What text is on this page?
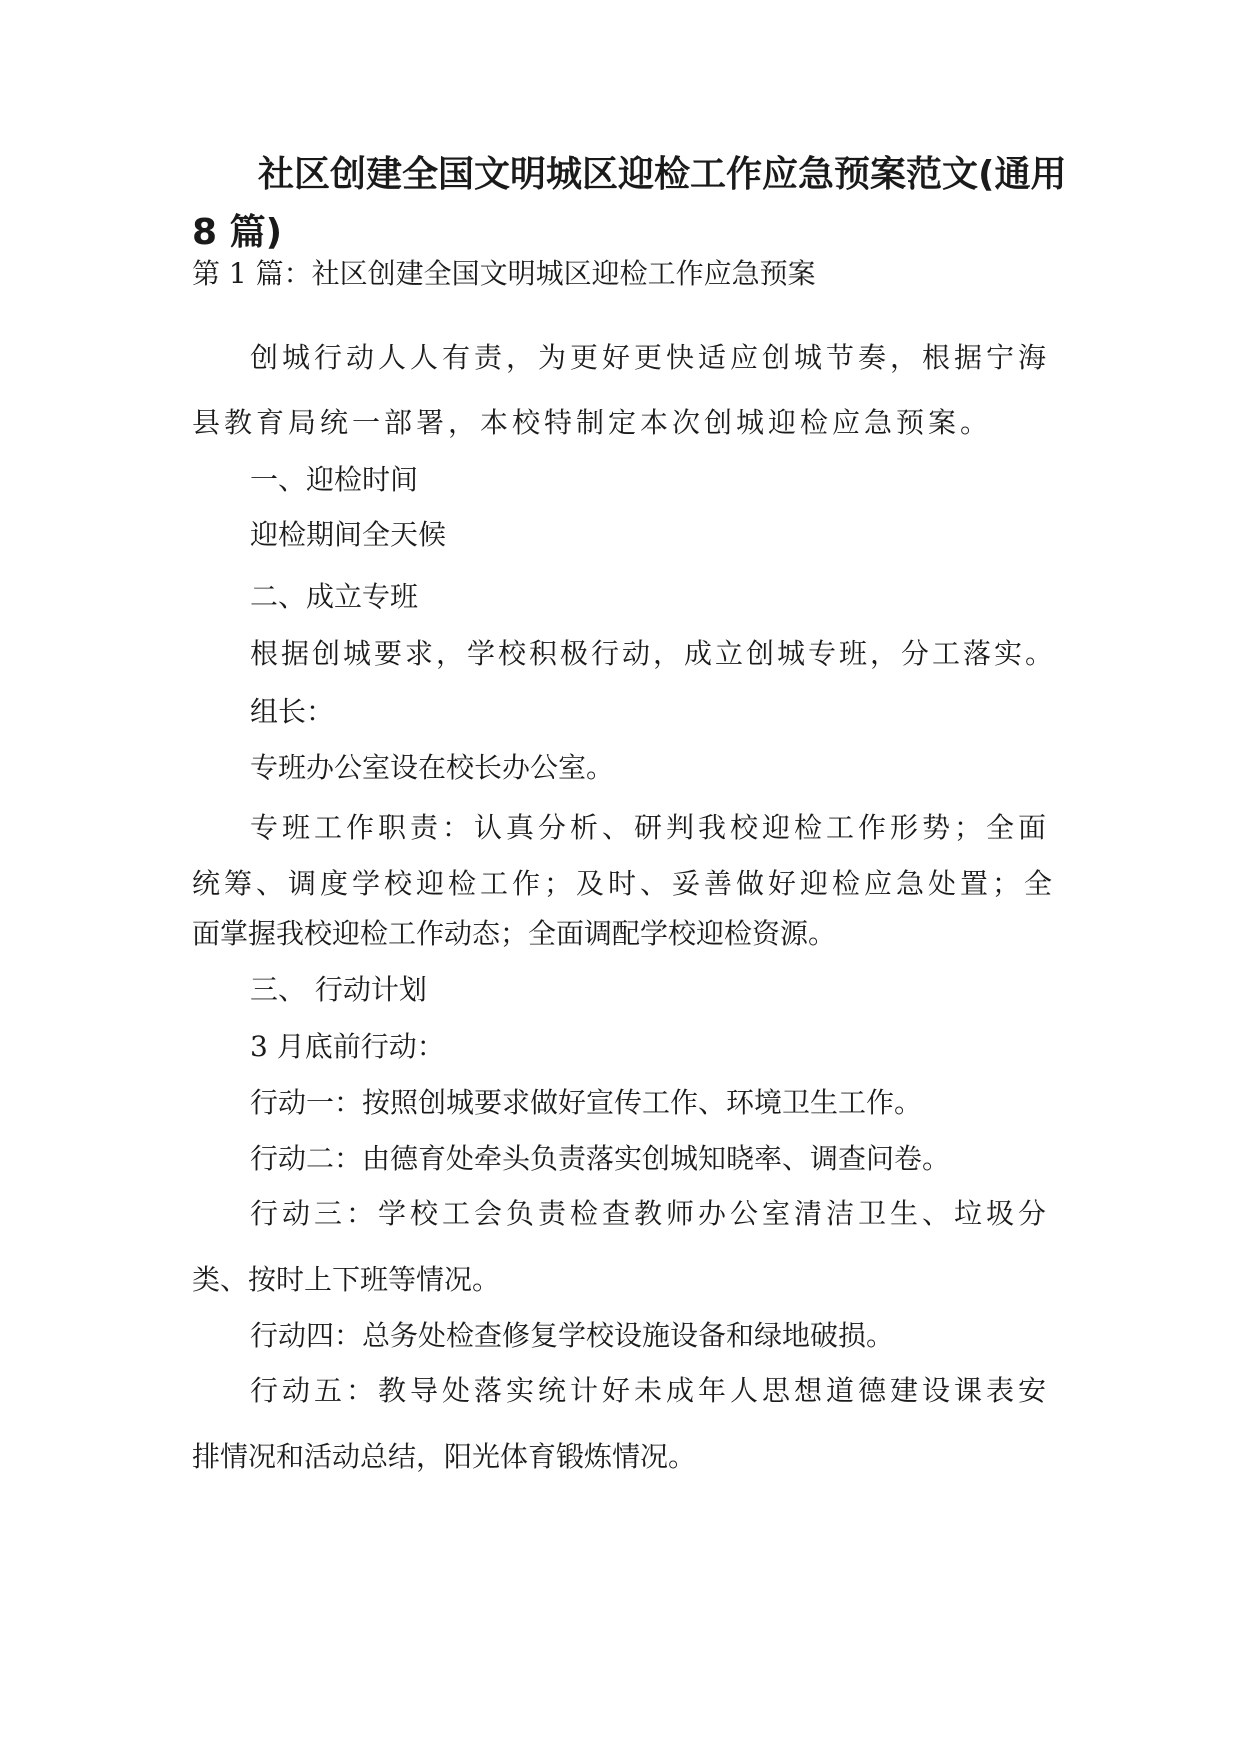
社区创建全国文明城区迎检工作应急预案范文(通用 8 篇)

第 1 篇：社区创建全国文明城区迎检工作应急预案

创城行动人人有责，为更好更快适应创城节奏，根据宁海

县教育局统一部署，本校特制定本次创城迎检应急预案。

一、迎检时间

迎检期间全天候

二、成立专班

根据创城要求，学校积极行动，成立创城专班，分工落实。

组长：

专班办公室设在校长办公室。

专班工作职责：认真分析、研判我校迎检工作形势；全面

统筹、调度学校迎检工作；及时、妥善做好迎检应急处置；全

面掌握我校迎检工作动态；全面调配学校迎检资源。

三、 行动计划

3 月底前行动：

行动一：按照创城要求做好宣传工作、环境卫生工作。

行动二：由德育处牵头负责落实创城知晓率、调查问卷。

行动三：学校工会负责检查教师办公室清洁卫生、垃圾分

类、按时上下班等情况。

行动四：总务处检查修复学校设施设备和绿地破损。

行动五：教导处落实统计好未成年人思想道德建设课表安

排情况和活动总结，阳光体育锻炼情况。
